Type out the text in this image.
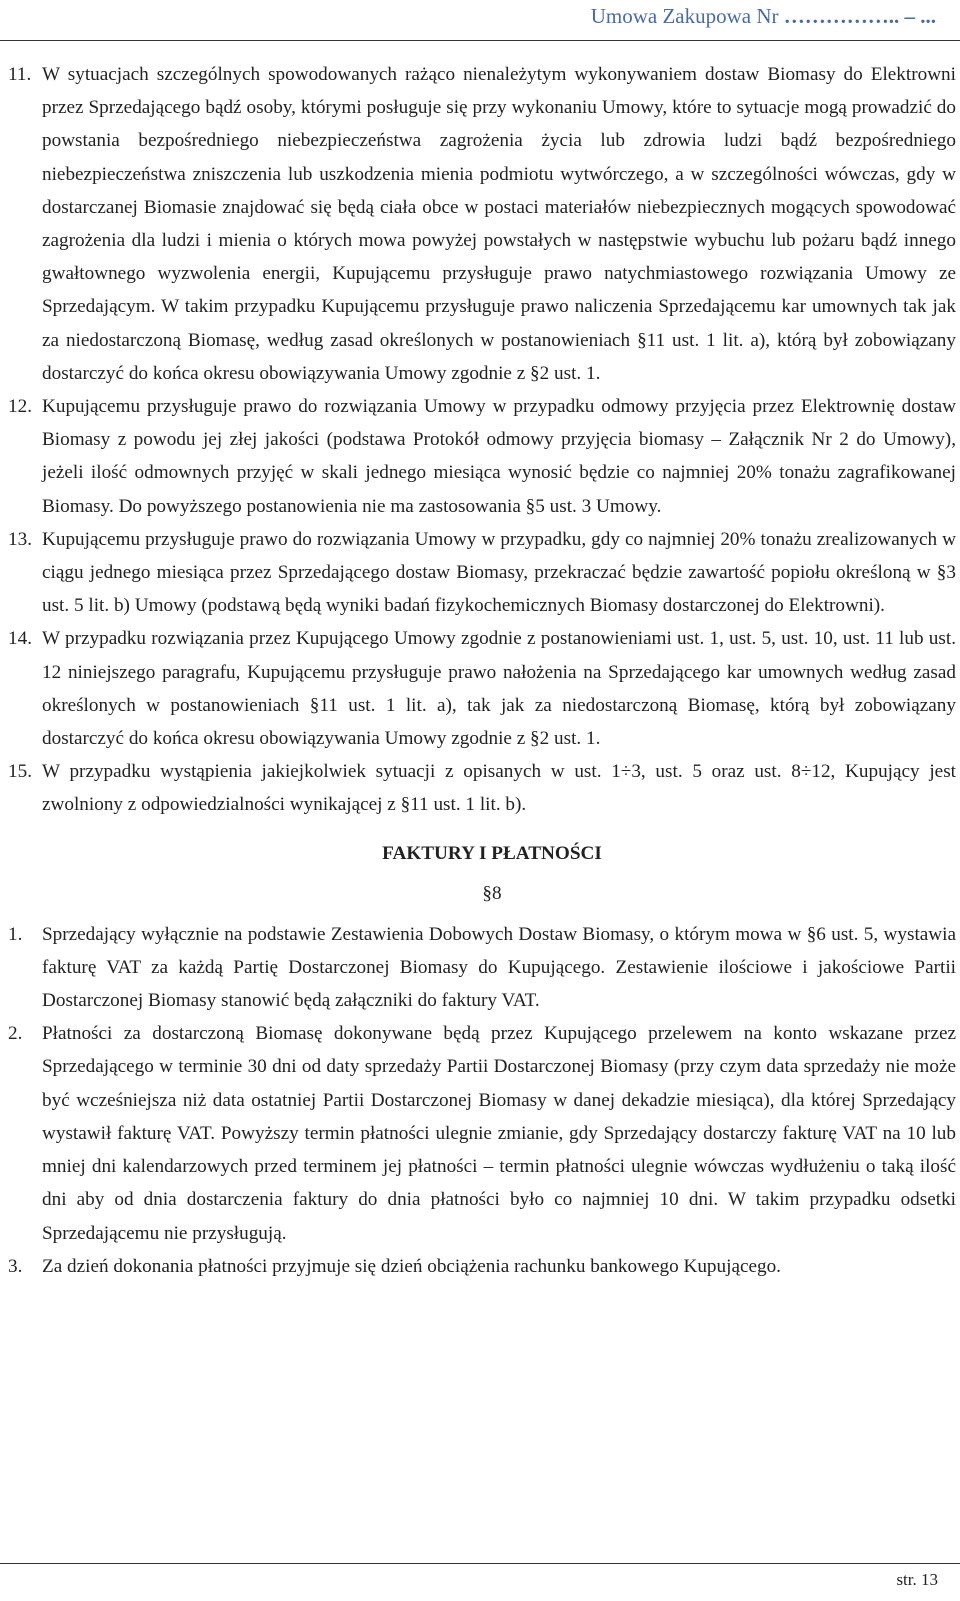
Umowa Zakupowa Nr …………….. – ...
11. W sytuacjach szczególnych spowodowanych rażąco nienależytym wykonywaniem dostaw Biomasy do Elektrowni przez Sprzedającego bądź osoby, którymi posługuje się przy wykonaniu Umowy, które to sytuacje mogą prowadzić do powstania bezpośredniego niebezpieczeństwa zagrożenia życia lub zdrowia ludzi bądź bezpośredniego niebezpieczeństwa zniszczenia lub uszkodzenia mienia podmiotu wytwórczego, a w szczególności wówczas, gdy w dostarczanej Biomasie znajdować się będą ciała obce w postaci materiałów niebezpiecznych mogących spowodować zagrożenia dla ludzi i mienia o których mowa powyżej powstałych w następstwie wybuchu lub pożaru bądź innego gwałtownego wyzwolenia energii, Kupującemu przysługuje prawo natychmiastowego rozwiązania Umowy ze Sprzedającym. W takim przypadku Kupującemu przysługuje prawo naliczenia Sprzedającemu kar umownych tak jak za niedostarczoną Biomasę, według zasad określonych w postanowieniach §11 ust. 1 lit. a), którą był zobowiązany dostarczyć do końca okresu obowiązywania Umowy zgodnie z §2 ust. 1.
12. Kupującemu przysługuje prawo do rozwiązania Umowy w przypadku odmowy przyjęcia przez Elektrownię dostaw Biomasy z powodu jej złej jakości (podstawa Protokół odmowy przyjęcia biomasy – Załącznik Nr 2 do Umowy), jeżeli ilość odmownych przyjęć w skali jednego miesiąca wynosić będzie co najmniej 20% tonażu zagrafikowanej Biomasy. Do powyższego postanowienia nie ma zastosowania §5 ust. 3 Umowy.
13. Kupującemu przysługuje prawo do rozwiązania Umowy w przypadku, gdy co najmniej 20% tonażu zrealizowanych w ciągu jednego miesiąca przez Sprzedającego dostaw Biomasy, przekraczać będzie zawartość popiołu określoną w §3 ust. 5 lit. b) Umowy (podstawą będą wyniki badań fizykochemicznych Biomasy dostarczonej do Elektrowni).
14. W przypadku rozwiązania przez Kupującego Umowy zgodnie z postanowieniami ust. 1, ust. 5, ust. 10, ust. 11 lub ust. 12 niniejszego paragrafu, Kupującemu przysługuje prawo nałożenia na Sprzedającego kar umownych według zasad określonych w postanowieniach §11 ust. 1 lit. a), tak jak za niedostarczoną Biomasę, którą był zobowiązany dostarczyć do końca okresu obowiązywania Umowy zgodnie z §2 ust. 1.
15. W przypadku wystąpienia jakiejkolwiek sytuacji z opisanych w ust. 1÷3, ust. 5 oraz ust. 8÷12, Kupujący jest zwolniony z odpowiedzialności wynikającej z §11 ust. 1 lit. b).
FAKTURY I PŁATNOŚCI
§8
1. Sprzedający wyłącznie na podstawie Zestawienia Dobowych Dostaw Biomasy, o którym mowa w §6 ust. 5, wystawia fakturę VAT za każdą Partię Dostarczonej Biomasy do Kupującego. Zestawienie ilościowe i jakościowe Partii Dostarczonej Biomasy stanowić będą załączniki do faktury VAT.
2. Płatności za dostarczoną Biomasę dokonywane będą przez Kupującego przelewem na konto wskazane przez Sprzedającego w terminie 30 dni od daty sprzedaży Partii Dostarczonej Biomasy (przy czym data sprzedaży nie może być wcześniejsza niż data ostatniej Partii Dostarczonej Biomasy w danej dekadzie miesiąca), dla której Sprzedający wystawił fakturę VAT. Powyższy termin płatności ulegnie zmianie, gdy Sprzedający dostarczy fakturę VAT na 10 lub mniej dni kalendarzowych przed terminem jej płatności – termin płatności ulegnie wówczas wydłużeniu o taką ilość dni aby od dnia dostarczenia faktury do dnia płatności było co najmniej 10 dni. W takim przypadku odsetki Sprzedającemu nie przysługują.
3. Za dzień dokonania płatności przyjmuje się dzień obciążenia rachunku bankowego Kupującego.
str. 13
